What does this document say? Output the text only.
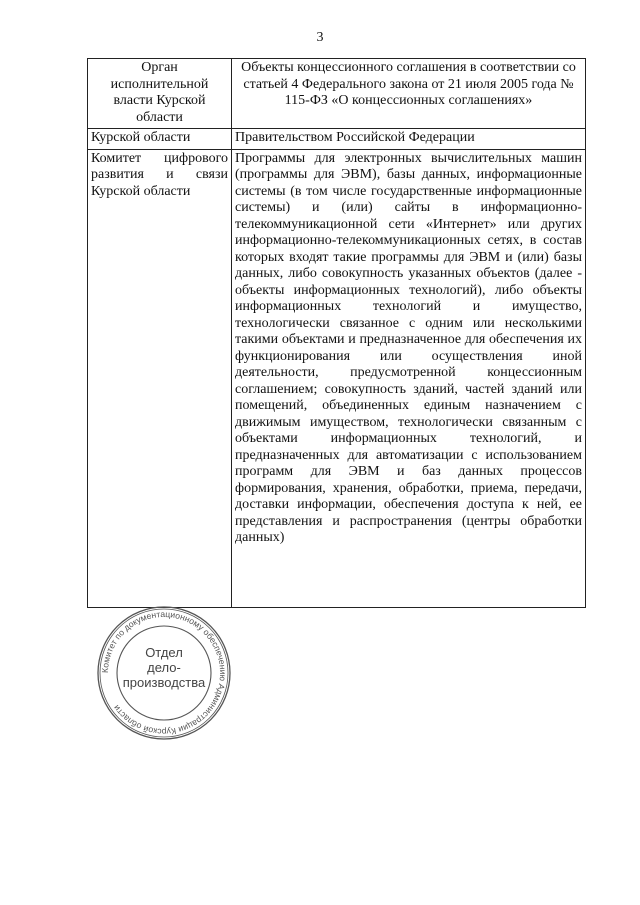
3
Орган исполнительной власти Курской области	Объекты концессионного соглашения в соответствии со статьей 4 Федерального закона от 21 июля 2005 года № 115-ФЗ «О концессионных соглашениях»
Курской области	Правительством Российской Федерации
Комитет цифрового развития и связи Курской области	Программы для электронных вычислительных машин (программы для ЭВМ), базы данных, информационные системы (в том числе государственные информационные системы) и (или) сайты в информационно-телекоммуникационной сети «Интернет» или других информационно-телекоммуникационных сетях, в состав которых входят такие программы для ЭВМ и (или) базы данных, либо совокупность указанных объектов (далее - объекты информационных технологий), либо объекты информационных технологий и имущество, технологически связанное с одним или несколькими такими объектами и предназначенное для обеспечения их функционирования или осуществления иной деятельности, предусмотренной концессионным соглашением; совокупность зданий, частей зданий или помещений, объединенных единым назначением с движимым имуществом, технологически связанным с объектами информационных технологий, и предназначенных для автоматизации с использованием программ для ЭВМ и баз данных процессов формирования, хранения, обработки, приема, передачи, доставки информации, обеспечения доступа к ней, ее представления и распространения (центры обработки данных)
Комитет по документационному обеспечению Администрации Курской области
Отдел
дело-
производства
